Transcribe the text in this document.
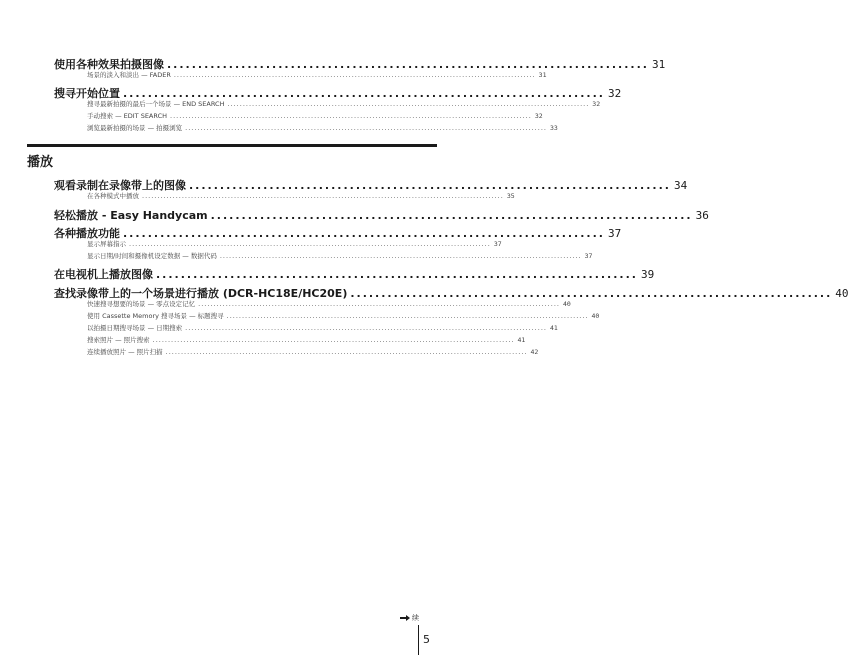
使用各种效果拍摄图像 .............................................................................. 31
场景的淡入和淡出 — FADER ...................................................................................................................... 31
搜寻开始位置 .............................................................................. 32
搜寻最新拍摄的最后一个场景 — END SEARCH ...................................................................................................................... 32
手动搜索 — EDIT SEARCH ...................................................................................................................... 32
浏览最新拍摄的场景 — 拍摄浏览 ...................................................................................................................... 33
播放
观看录制在录像带上的图像 .............................................................................. 34
在各种模式中播放 ...................................................................................................................... 35
轻松播放 - Easy Handycam .............................................................................. 36
各种播放功能 .............................................................................. 37
显示屏幕指示 ...................................................................................................................... 37
显示日期/时间和摄像机设定数据 — 数据代码 ...................................................................................................................... 37
在电视机上播放图像 .............................................................................. 39
查找录像带上的一个场景进行播放 (DCR-HC18E/HC20E) .............................................................................. 40
快速搜寻想要的场景 — 零点设定记忆 ...................................................................................................................... 40
使用 Cassette Memory 搜寻场景 — 标题搜寻 ...................................................................................................................... 40
以拍摄日期搜寻场景 — 日期搜索 ...................................................................................................................... 41
搜索照片 — 照片搜索 ...................................................................................................................... 41
连续播放照片 — 照片扫描 ...................................................................................................................... 42
续
5
